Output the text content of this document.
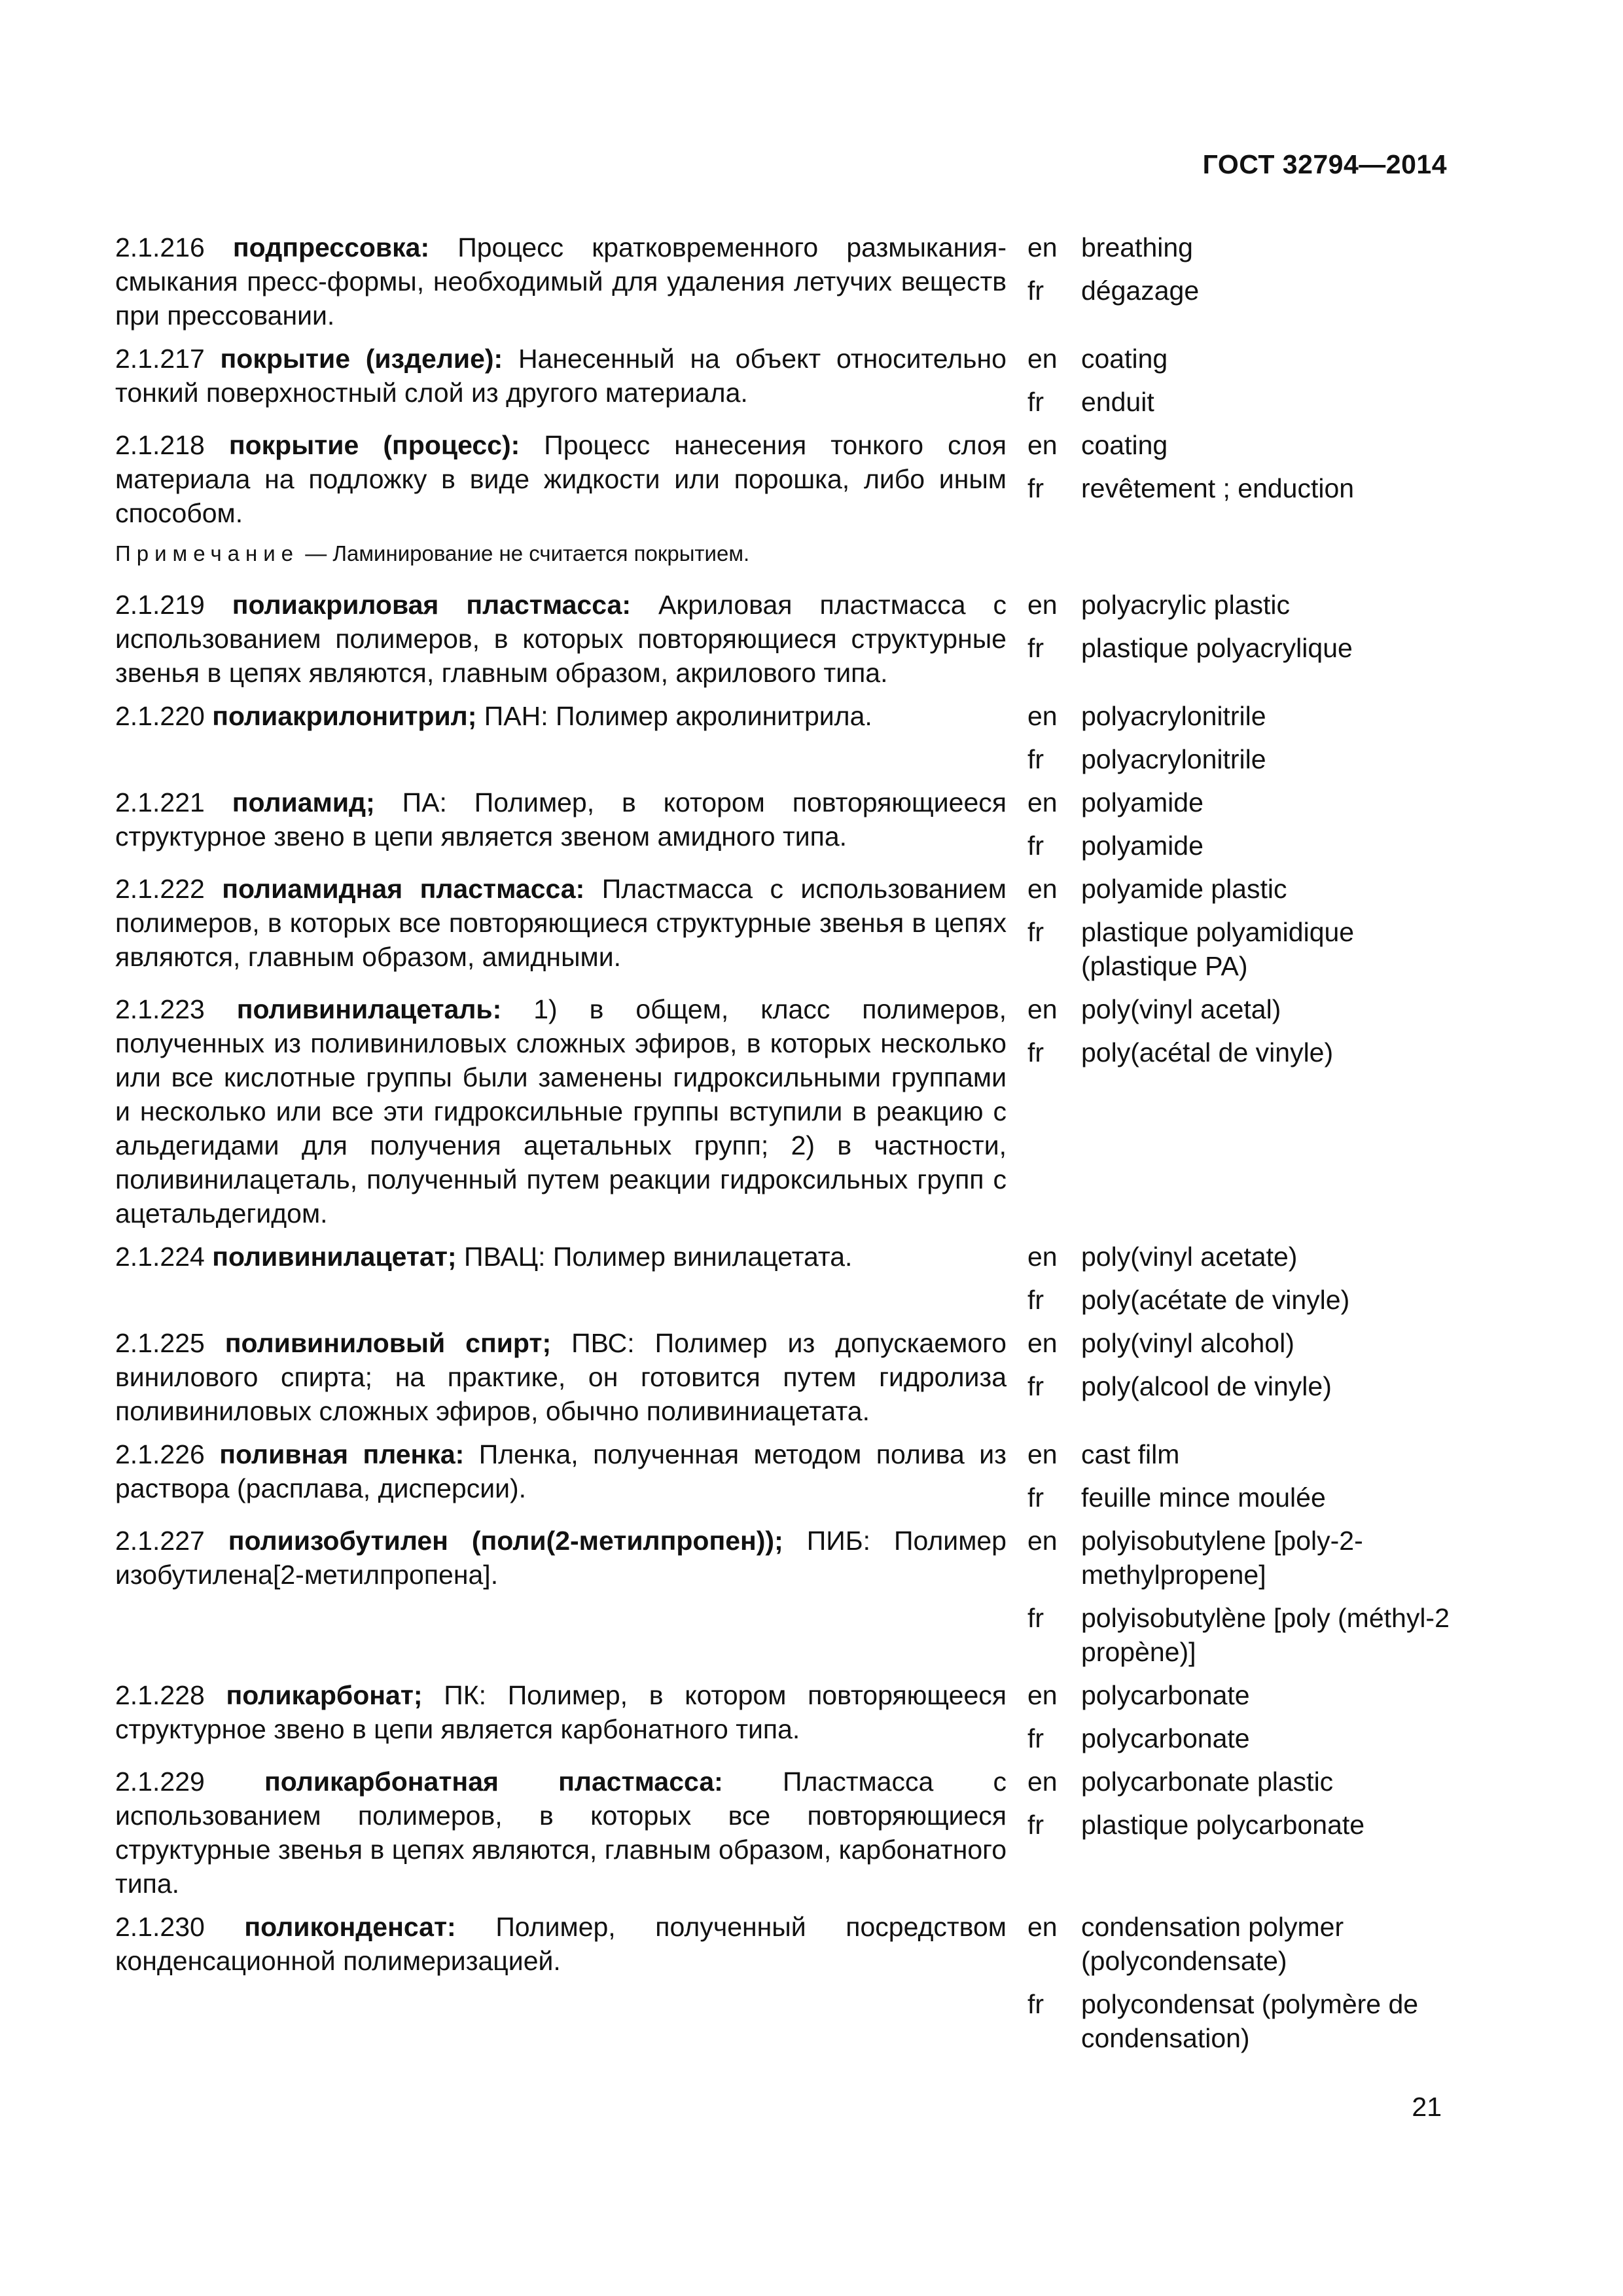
ГОСТ 32794—2014
2.1.216 подпрессовка: Процесс кратковременного размыкания-смыкания пресс-формы, необходимый для удаления летучих веществ при прессовании.
en breathing
fr	dégazage
2.1.217 покрытие (изделие): Нанесенный на объект относительно тонкий поверхностный слой из другого материала.
en coating
fr	enduit
2.1.218 покрытие (процесс): Процесс нанесения тонкого слоя материала на подложку в виде жидкости или порошка, либо иным способом.
en coating
fr	revêtement ; enduction
Примечание — Ламинирование не считается покрытием.
2.1.219 полиакриловая пластмасса: Акриловая пластмасса с использованием полимеров, в которых повторяющиеся структурные звенья в цепях являются, главным образом, акрилового типа.
en polyacrylic plastic
fr	plastique polyacrylique
2.1.220 полиакрилонитрил; ПАН: Полимер акролинитрила.	en polyacrylonitrile
fr	polyacrylonitrile
2.1.221 полиамид; ПА: Полимер, в котором повторяющиееся структурное звено в цепи является звеном амидного типа.
en polyamide
fr	polyamide
2.1.222 полиамидная пластмасса: Пластмасса с использованием полимеров, в которых все повторяющиеся структурные звенья в цепях являются, главным образом, амидными.
en polyamide plastic
fr	plastique polyamidique (plastique PA)
2.1.223 поливинилацеталь: 1) в общем, класс полимеров, полученных из поливиниловых сложных эфиров, в которых несколько или все кислотные группы были заменены гидроксильными группами и несколько или все эти гидроксильные группы вступили в реакцию с альдегидами для получения ацетальных групп; 2) в частности, поливинилацеталь, полученный путем реакции гидроксильных групп с ацетальдегидом.
en poly(vinyl acetal)
fr	poly(acétal de vinyle)
2.1.224 поливинилацетат; ПВАЦ: Полимер винилацетата.	en poly(vinyl acetate)
fr	poly(acétate de vinyle)
2.1.225 поливиниловый спирт; ПВС: Полимер из допускаемого винилового спирта; на практике, он готовится путем гидролиза поливиниловых сложных эфиров, обычно поливиниацетата.
en poly(vinyl alcohol)
fr	poly(alcool de vinyle)
2.1.226 поливная пленка: Пленка, полученная методом полива из раствора (расплава, дисперсии).
en cast film
fr	feuille mince moulée
2.1.227 полиизобутилен (поли(2-метилпропен)); ПИБ: Полимер изобутилена[2-метилпропена].
en polyisobutylene [poly-2-methylpropene]
fr	polyisobutylène [poly (méthyl-2 propène)]
2.1.228 поликарбонат; ПК: Полимер, в котором повторяющееся структурное звено в цепи является карбонатного типа.
en polycarbonate
fr	polycarbonate
2.1.229 поликарбонатная пластмасса: Пластмасса с использованием полимеров, в которых все повторяющиеся структурные звенья в цепях являются, главным образом, карбонатного типа.
en polycarbonate plastic
fr	plastique polycarbonate
2.1.230 поликонденсат: Полимер, полученный посредством конденсационной полимеризацией.
en condensation polymer (polycondensate)
fr	polycondensat (polymère de condensation)
21
